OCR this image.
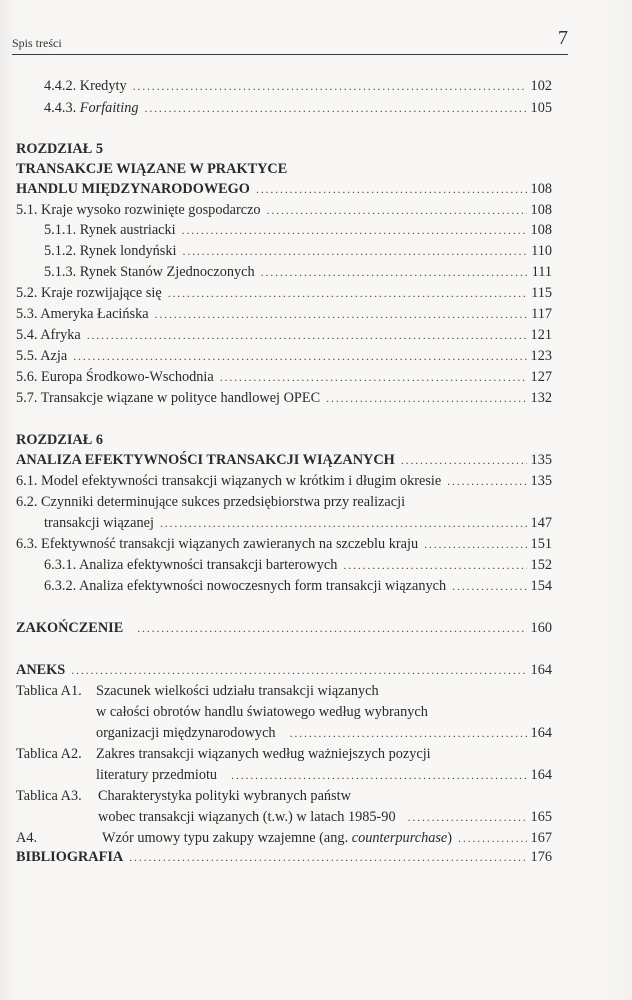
Spis treści	7
4.4.2. Kredyty . . .	102
4.4.3. Forfaiting . . .	105
ROZDZIAŁ 5
TRANSAKCJE WIĄZANE W PRAKTYCE
HANDLU MIĘDZYNARODOWEGO . . .	108
5.1. Kraje wysoko rozwinięte gospodarczo . . .	108
5.1.1. Rynek austriacki . . .	108
5.1.2. Rynek londyński . . .	110
5.1.3. Rynek Stanów Zjednoczonych . . .	111
5.2. Kraje rozwijające się . . .	115
5.3. Ameryka Łacińska . . .	117
5.4. Afryka . . .	121
5.5. Azja . . .	123
5.6. Europa Środkowo-Wschodnia . . .	127
5.7. Transakcje wiązane w polityce handlowej OPEC . . .	132
ROZDZIAŁ 6
ANALIZA EFEKTYWNOŚCI TRANSAKCJI WIĄZANYCH . . .	135
6.1. Model efektywności transakcji wiązanych w krótkim i długim okresie . . .	135
6.2. Czynniki determinujące sukces przedsiębiorstwa przy realizacji
transakcji wiązanej . . .	147
6.3. Efektywność transakcji wiązanych zawieranych na szczeblu kraju . . .	151
6.3.1. Analiza efektywności transakcji barterowych . . .	152
6.3.2. Analiza efektywności nowoczesnych form transakcji wiązanych . . .	154
ZAKOŃCZENIE . . .	160
ANEKS . . .	164
Tablica A1. Szacunek wielkości udziału transakcji wiązanych
w całości obrotów handlu światowego według wybranych
organizacji międzynarodowych . . .	164
Tablica A2. Zakres transakcji wiązanych według ważniejszych pozycji
literatury przedmiotu . . .	164
Tablica A3. Charakterystyka polityki wybranych państw
wobec transakcji wiązanych (t.w.) w latach 1985-90 . . .	165
A4.	Wzór umowy typu zakupy wzajemne (ang. counterpurchase) . . .	167
BIBLIOGRAFIA . . .	176
